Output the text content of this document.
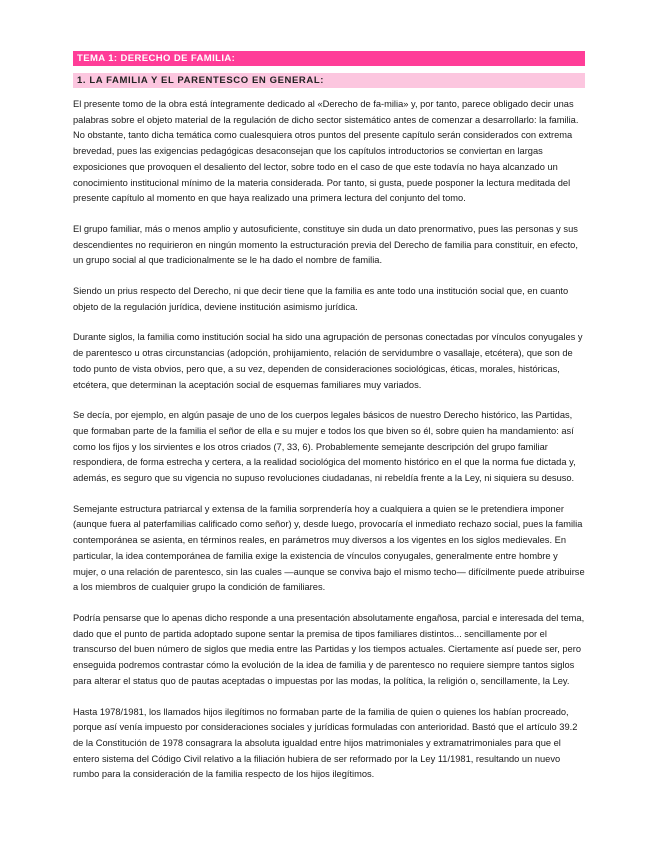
TEMA 1: DERECHO DE FAMILIA:
1. LA FAMILIA Y EL PARENTESCO EN GENERAL:

El presente tomo de la obra está íntegramente dedicado al «Derecho de fa-milia» y, por tanto, parece obligado decir unas palabras sobre el objeto material de la regulación de dicho sector sistemático antes de comenzar a desarrollarlo: la familia. No obstante, tanto dicha temática como cualesquiera otros puntos del presente capítulo serán considerados con extrema brevedad, pues las exigencias pedagógicas desaconsejan que los capítulos introductorios se conviertan en largas exposiciones que provoquen el desaliento del lector, sobre todo en el caso de que este todavía no haya alcanzado un conocimiento institucional mínimo de la materia considerada. Por tanto, si gusta, puede posponer la lectura meditada del presente capítulo al momento en que haya realizado una primera lectura del conjunto del tomo.

El grupo familiar, más o menos amplio y autosuficiente, constituye sin duda un dato prenormativo, pues las personas y sus descendientes no requirieron en ningún momento la estructuración previa del Derecho de familia para constituir, en efecto, un grupo social al que tradicionalmente se le ha dado el nombre de familia.

Siendo un prius respecto del Derecho, ni que decir tiene que la familia es ante todo una institución social que, en cuanto objeto de la regulación jurídica, deviene institución asimismo jurídica.

Durante siglos, la familia como institución social ha sido una agrupación de personas conectadas por vínculos conyugales y de parentesco u otras circunstancias (adopción, prohijamiento, relación de servidumbre o vasallaje, etcétera), que son de todo punto de vista obvios, pero que, a su vez, dependen de consideraciones sociológicas, éticas, morales, históricas, etcétera, que determinan la aceptación social de esquemas familiares muy variados.

Se decía, por ejemplo, en algún pasaje de uno de los cuerpos legales básicos de nuestro Derecho histórico, las Partidas, que formaban parte de la familia el señor de ella e su mujer e todos los que biven so él, sobre quien ha mandamiento: así como los fijos y los sirvientes e los otros criados (7, 33, 6). Probablemente semejante descripción del grupo familiar respondiera, de forma estrecha y certera, a la realidad sociológica del momento histórico en el que la norma fue dictada y, además, es seguro que su vigencia no supuso revoluciones ciudadanas, ni rebeldía frente a la Ley, ni siquiera su desuso.

Semejante estructura patriarcal y extensa de la familia sorprendería hoy a cualquiera a quien se le pretendiera imponer (aunque fuera al paterfamilias calificado como señor) y, desde luego, provocaría el inmediato rechazo social, pues la familia contemporánea se asienta, en términos reales, en parámetros muy diversos a los vigentes en los siglos medievales. En particular, la idea contemporánea de familia exige la existencia de vínculos conyugales, generalmente entre hombre y mujer, o una relación de parentesco, sin las cuales —aunque se conviva bajo el mismo techo— difícilmente puede atribuirse a los miembros de cualquier grupo la condición de familiares.

Podría pensarse que lo apenas dicho responde a una presentación absolutamente engañosa, parcial e interesada del tema, dado que el punto de partida adoptado supone sentar la premisa de tipos familiares distintos... sencillamente por el transcurso del buen número de siglos que media entre las Partidas y los tiempos actuales. Ciertamente así puede ser, pero enseguida podremos contrastar cómo la evolución de la idea de familia y de parentesco no requiere siempre tantos siglos para alterar el status quo de pautas aceptadas o impuestas por las modas, la política, la religión o, sencillamente, la Ley.

Hasta 1978/1981, los llamados hijos ilegítimos no formaban parte de la familia de quien o quienes los habían procreado, porque así venía impuesto por consideraciones sociales y jurídicas formuladas con anterioridad. Bastó que el artículo 39.2 de la Constitución de 1978 consagrara la absoluta igualdad entre hijos matrimoniales y extramatrimoniales para que el entero sistema del Código Civil relativo a la filiación hubiera de ser reformado por la Ley 11/1981, resultando un nuevo rumbo para la consideración de la familia respecto de los hijos ilegítimos.
